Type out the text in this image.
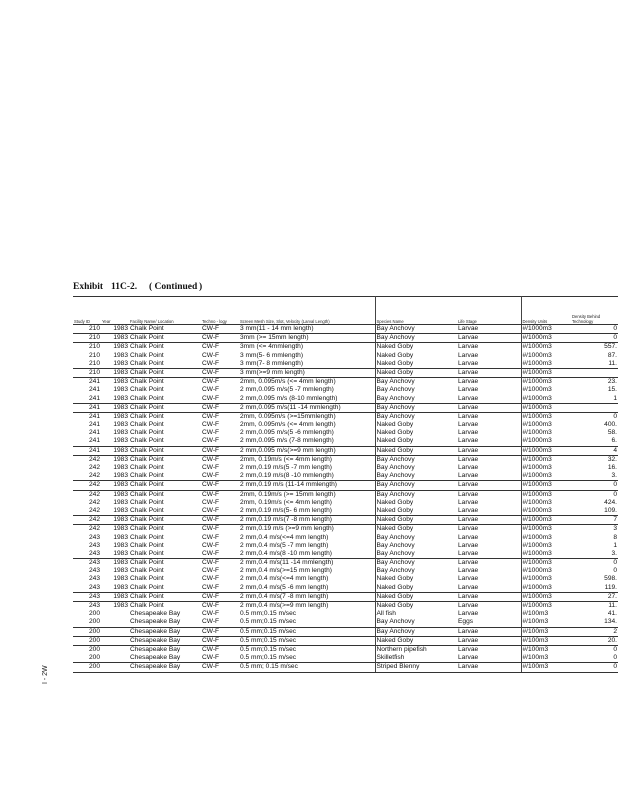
Exhibit 11C-2. ( Continued )
I - 2W
Study ID	Year	Facility Name/ Location	Techno - logy	Screen Mesh Size, Slot, Velocity (Larval Length)	Species Name	Life Stage	Density Units	Density Behind Technology
210	1983	Chalk Point	CW-F	3 mm(11 - 14 mm length)	Bay Anchovy	Larvae	#/1000m3	0
210	1983	Chalk Point	CW-F	3mm (>= 15mm length)	Bay Anchovy	Larvae	#/1000m3	0
210	1983	Chalk Point	CW-F	3mm (<= 4mmlength)	Naked Goby	Larvae	#/1000m3	557.
210	1983	Chalk Point	CW-F	3 mm(5- 6 mmlength)	Naked Goby	Larvae	#/1000m3	87.
210	1983	Chalk Point	CW-F	3 mm(7- 8 mmlength)	Naked Goby	Larvae	#/1000m3	11.
210	1983	Chalk Point	CW-F	3 mm(>=9 mm length)	Naked Goby	Larvae	#/1000m3	
241	1983	Chalk Point	CW-F	2mm, 0.095m/s (<= 4mm length)	Bay Anchovy	Larvae	#/1000m3	23.
241	1983	Chalk Point	CW-F	2 mm,0.095 m/s(5 -7 mmlength)	Bay Anchovy	Larvae	#/1000m3	15.
241	1983	Chalk Point	CW-F	2 mm,0.095 m/s (8-10 mmlength)	Bay Anchovy	Larvae	#/1000m3	1
241	1983	Chalk Point	CW-F	2 mm,0.095 m/s(11 -14 mmlength)	Bay Anchovy	Larvae	#/1000m3	
241	1983	Chalk Point	CW-F	2mm, 0.095m/s (>=15mmlength)	Bay Anchovy	Larvae	#/1000m3	0
241	1983	Chalk Point	CW-F	2mm, 0.095m/s (<= 4mm length)	Naked Goby	Larvae	#/1000m3	400.
241	1983	Chalk Point	CW-F	2 mm,0.095 m/s(5 -6 mmlength)	Naked Goby	Larvae	#/1000m3	58.
241	1983	Chalk Point	CW-F	2 mm,0.095 m/s (7-8 mmlength)	Naked Goby	Larvae	#/1000m3	6.
241	1983	Chalk Point	CW-F	2 mm,0.095 m/s(>=9 mm length)	Naked Goby	Larvae	#/1000m3	4
242	1983	Chalk Point	CW-F	2mm, 0.19m/s (<= 4mm length)	Bay Anchovy	Larvae	#/1000m3	32.
242	1983	Chalk Point	CW-F	2 mm,0.19 m/s(5 -7 mm length)	Bay Anchovy	Larvae	#/1000m3	16.
242	1983	Chalk Point	CW-F	2 mm,0.19 m/s(8 -10 mmlength)	Bay Anchovy	Larvae	#/1000m3	3.
242	1983	Chalk Point	CW-F	2 mm,0.19 m/s (11-14 mmlength)	Bay Anchovy	Larvae	#/1000m3	0
242	1983	Chalk Point	CW-F	2mm, 0.19m/s (>= 15mm length)	Bay Anchovy	Larvae	#/1000m3	0
242	1983	Chalk Point	CW-F	2mm, 0.19m/s (<= 4mm length)	Naked Goby	Larvae	#/1000m3	424.
242	1983	Chalk Point	CW-F	2 mm,0.19 m/s(5- 6 mm length)	Naked Goby	Larvae	#/1000m3	109.
242	1983	Chalk Point	CW-F	2 mm,0.19 m/s(7 -8 mm length)	Naked Goby	Larvae	#/1000m3	7
242	1983	Chalk Point	CW-F	2 mm,0.19 m/s (>=9 mm length)	Naked Goby	Larvae	#/1000m3	3
243	1983	Chalk Point	CW-F	2 mm,0.4 m/s(<=4 mm length)	Bay Anchovy	Larvae	#/1000m3	8
243	1983	Chalk Point	CW-F	2 mm,0.4 m/s(5 -7 mm length)	Bay Anchovy	Larvae	#/1000m3	1
243	1983	Chalk Point	CW-F	2 mm,0.4 m/s(8 -10 mm length)	Bay Anchovy	Larvae	#/1000m3	3.
243	1983	Chalk Point	CW-F	2 mm,0.4 m/s(11 -14 mmlength)	Bay Anchovy	Larvae	#/1000m3	0
243	1983	Chalk Point	CW-F	2 mm,0.4 m/s(>=15 mm length)	Bay Anchovy	Larvae	#/1000m3	0
243	1983	Chalk Point	CW-F	2 mm,0.4 m/s(<=4 mm length)	Naked Goby	Larvae	#/1000m3	598.
243	1983	Chalk Point	CW-F	2 mm,0.4 m/s(5 -6 mm length)	Naked Goby	Larvae	#/1000m3	119.
243	1983	Chalk Point	CW-F	2 mm,0.4 m/s(7 -8 mm length)	Naked Goby	Larvae	#/1000m3	27.
243	1983	Chalk Point	CW-F	2 mm,0.4 m/s(>=9 mm length)	Naked Goby	Larvae	#/1000m3	11.
200		Chesapeake Bay	CW-F	0.5 mm;0.15 m/sec	All fish	Larvae	#/100m3	41.
200		Chesapeake Bay	CW-F	0.5 mm;0.15 m/sec	Bay Anchovy	Eggs	#/100m3	134.
200		Chesapeake Bay	CW-F	0.5 mm;0.15 m/sec	Bay Anchovy	Larvae	#/100m3	2
200		Chesapeake Bay	CW-F	0.5 mm;0.15 m/sec	Naked Goby	Larvae	#/100m3	20.
200		Chesapeake Bay	CW-F	0.5 mm;0.15 m/sec	Northern pipefish	Larvae	#/100m3	0
200		Chesapeake Bay	CW-F	0.5 mm;0.15 m/sec	Skilletfish	Larvae	#/100m3	0
200		Chesapeake Bay	CW-F	0.5 mm; 0.15 m/sec	Striped Blenny	Larvae	#/100m3	0
